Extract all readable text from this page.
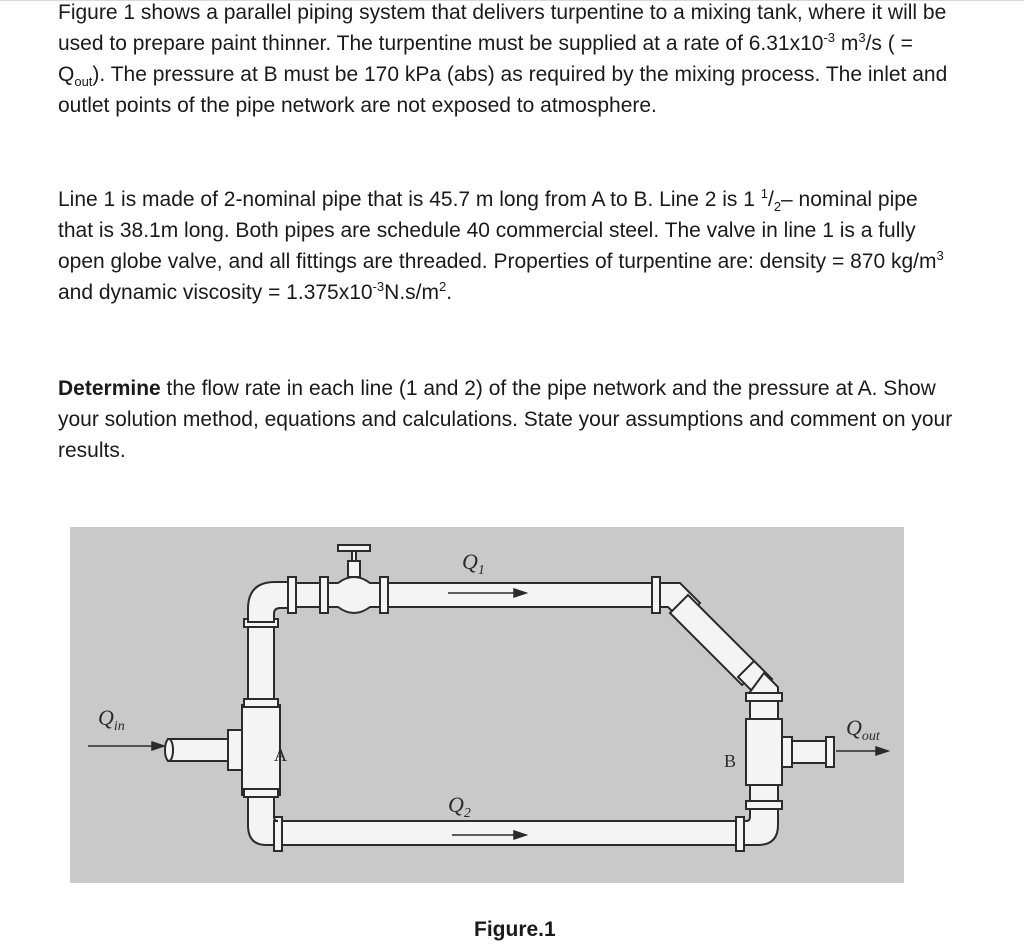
Figure 1 shows a parallel piping system that delivers turpentine to a mixing tank, where it will be used to prepare paint thinner. The turpentine must be supplied at a rate of $6.31x10^{-3}$ $m^3/s$ ( = $Q_{out}$). The pressure at B must be 170 kPa (abs) as required by the mixing process. The inlet and outlet points of the pipe network are not exposed to atmosphere.

Line 1 is made of 2-nominal pipe that is 45.7 m long from A to B. Line 2 is 1 $^1/_2-$ nominal pipe that is 38.1m long. Both pipes are schedule 40 commercial steel. The valve in line 1 is a fully open globe valve, and all fittings are threaded. Properties of turpentine are: density = 870 $kg/m^3$ and dynamic viscosity = $1.375x10^{-3}N.s/m^2$.

Determine the flow rate in each line (1 and 2) of the pipe network and the pressure at A. Show your solution method, equations and calculations. State your assumptions and comment on your results.

$Q_1$
$Q_2$
$Q_{in}$	$Q_{out}$
A	B

Figure.1
